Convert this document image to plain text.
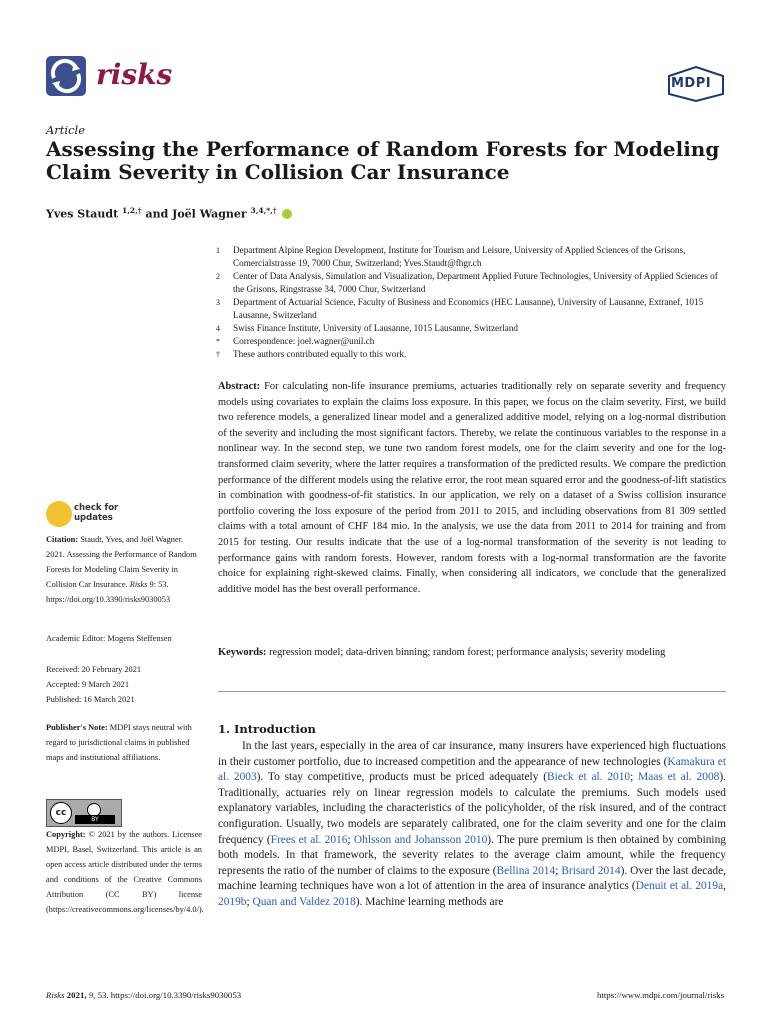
risks	MDPI
Article
Assessing the Performance of Random Forests for Modeling Claim Severity in Collision Car Insurance
Yves Staudt $^{1,2,\dagger}$ and Joël Wagner $^{3,4,*,\dagger}$
1 Department Alpine Region Development, Institute for Tourism and Leisure, University of Applied Sciences of the Grisons, Comercialstrasse 19, 7000 Chur, Switzerland; Yves.Staudt@fhgr.ch
2 Center of Data Analysis, Simulation and Visualization, Department Applied Future Technologies, University of Applied Sciences of the Grisons, Ringstrasse 34, 7000 Chur, Switzerland
3 Department of Actuarial Science, Faculty of Business and Economics (HEC Lausanne), University of Lausanne, Extranef, 1015 Lausanne, Switzerland
4 Swiss Finance Institute, University of Lausanne, 1015 Lausanne, Switzerland
* Correspondence: joel.wagner@unil.ch
† These authors contributed equally to this work.
Abstract: For calculating non-life insurance premiums, actuaries traditionally rely on separate severity and frequency models using covariates to explain the claims loss exposure. In this paper, we focus on the claim severity. First, we build two reference models, a generalized linear model and a generalized additive model, relying on a log-normal distribution of the severity and including the most significant factors. Thereby, we relate the continuous variables to the response in a nonlinear way. In the second step, we tune two random forest models, one for the claim severity and one for the log-transformed claim severity, where the latter requires a transformation of the predicted results. We compare the prediction performance of the different models using the relative error, the root mean squared error and the goodness-of-lift statistics in combination with goodness-of-fit statistics. In our application, we rely on a dataset of a Swiss collision insurance portfolio covering the loss exposure of the period from 2011 to 2015, and including observations from 81 309 settled claims with a total amount of CHF 184 mio. In the analysis, we use the data from 2011 to 2014 for training and from 2015 for testing. Our results indicate that the use of a log-normal transformation of the severity is not leading to performance gains with random forests. However, random forests with a log-normal transformation are the favorite choice for explaining right-skewed claims. Finally, when considering all indicators, we conclude that the generalized additive model has the best overall performance.
Keywords: regression model; data-driven binning; random forest; performance analysis; severity modeling
check for
updates
Citation: Staudt, Yves, and Joël Wagner. 2021. Assessing the Performance of Random Forests for Modeling Claim Severity in Collision Car Insurance. Risks 9: 53. https://doi.org/10.3390/risks9030053
Academic Editor: Mogens Steffensen
Received: 20 February 2021
Accepted: 9 March 2021
Published: 16 March 2021
Publisher's Note: MDPI stays neutral with regard to jurisdictional claims in published maps and institutional affiliations.
cc
BY
Copyright: © 2021 by the authors. Licensee MDPI, Basel, Switzerland. This article is an open access article distributed under the terms and conditions of the Creative Commons Attribution (CC BY) license (https://creativecommons.org/licenses/by/4.0/).
1. Introduction
In the last years, especially in the area of car insurance, many insurers have experienced high fluctuations in their customer portfolio, due to increased competition and the appearance of new technologies (Kamakura et al. 2003). To stay competitive, products must be priced adequately (Bieck et al. 2010; Maas et al. 2008). Traditionally, actuaries rely on linear regression models to calculate the premiums. Such models used explanatory variables, including the characteristics of the policyholder, of the risk insured, and of the contract configuration. Usually, two models are separately calibrated, one for the claim severity and one for the claim frequency (Frees et al. 2016; Ohlsson and Johansson 2010). The pure premium is then obtained by combining both models. In that framework, the severity relates to the average claim amount, while the frequency represents the ratio of the number of claims to the exposure (Bellina 2014; Brisard 2014). Over the last decade, machine learning techniques have won a lot of attention in the area of insurance analytics (Denuit et al. 2019a, 2019b; Quan and Valdez 2018). Machine learning methods are
Risks 2021, 9, 53. https://doi.org/10.3390/risks9030053	https://www.mdpi.com/journal/risks
